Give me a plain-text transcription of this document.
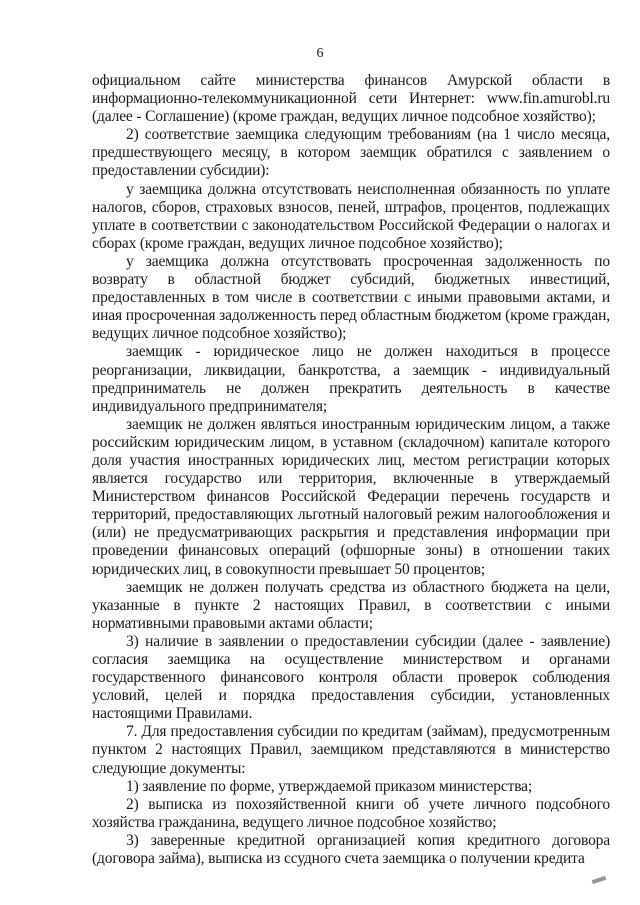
6

официальном сайте министерства финансов Амурской области в информационно-телекоммуникационной сети Интернет: www.fin.amurobl.ru (далее - Соглашение) (кроме граждан, ведущих личное подсобное хозяйство);

2) соответствие заемщика следующим требованиям (на 1 число месяца, предшествующего месяцу, в котором заемщик обратился с заявлением о предоставлении субсидии):

у заемщика должна отсутствовать неисполненная обязанность по уплате налогов, сборов, страховых взносов, пеней, штрафов, процентов, подлежащих уплате в соответствии с законодательством Российской Федерации о налогах и сборах (кроме граждан, ведущих личное подсобное хозяйство);

у заемщика должна отсутствовать просроченная задолженность по возврату в областной бюджет субсидий, бюджетных инвестиций, предоставленных в том числе в соответствии с иными правовыми актами, и иная просроченная задолженность перед областным бюджетом (кроме граждан, ведущих личное подсобное хозяйство);

заемщик - юридическое лицо не должен находиться в процессе реорганизации, ликвидации, банкротства, а заемщик - индивидуальный предприниматель не должен прекратить деятельность в качестве индивидуального предпринимателя;

заемщик не должен являться иностранным юридическим лицом, а также российским юридическим лицом, в уставном (складочном) капитале которого доля участия иностранных юридических лиц, местом регистрации которых является государство или территория, включенные в утверждаемый Министерством финансов Российской Федерации перечень государств и территорий, предоставляющих льготный налоговый режим налогообложения и (или) не предусматривающих раскрытия и представления информации при проведении финансовых операций (офшорные зоны) в отношении таких юридических лиц, в совокупности превышает 50 процентов;

заемщик не должен получать средства из областного бюджета на цели, указанные в пункте 2 настоящих Правил, в соответствии с иными нормативными правовыми актами области;

3) наличие в заявлении о предоставлении субсидии (далее - заявление) согласия заемщика на осуществление министерством и органами государственного финансового контроля области проверок соблюдения условий, целей и порядка предоставления субсидии, установленных настоящими Правилами.

7. Для предоставления субсидии по кредитам (займам), предусмотренным пунктом 2 настоящих Правил, заемщиком представляются в министерство следующие документы:

1) заявление по форме, утверждаемой приказом министерства;

2) выписка из похозяйственной книги об учете личного подсобного хозяйства гражданина, ведущего личное подсобное хозяйство;

3) заверенные кредитной организацией копия кредитного договора (договора займа), выписка из ссудного счета заемщика о получении кредита
